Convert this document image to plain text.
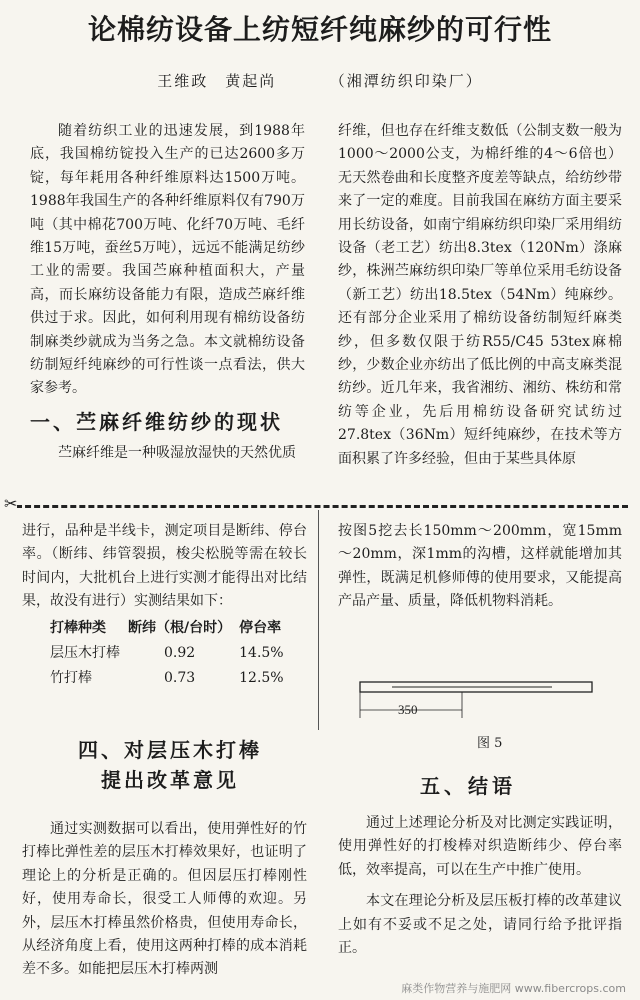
论棉纺设备上纺短纤纯麻纱的可行性
王维政　黄起尚	（湘潭纺织印染厂）

随着纺织工业的迅速发展，到1988年底，我国棉纺锭投入生产的已达2600多万锭，每年耗用各种纤维原料达1500万吨。1988年我国生产的各种纤维原料仅有790万吨（其中棉花700万吨、化纤70万吨、毛纤维15万吨，蚕丝5万吨），远远不能满足纺纱工业的需要。我国苎麻种植面积大，产量高，而长麻纺设备能力有限，造成苎麻纤维供过于求。因此，如何利用现有棉纺设备纺制麻类纱就成为当务之急。本文就棉纺设备纺制短纤纯麻纱的可行性谈一点看法，供大家参考。

一、苎麻纤维纺纱的现状

苎麻纤维是一种吸湿放湿快的天然优质

纤维，但也存在纤维支数低（公制支数一般为1000～2000公支，为棉纤维的4～6倍也）无天然卷曲和长度整齐度差等缺点，给纺纱带来了一定的难度。目前我国在麻纺方面主要采用长纺设备，如南宁绢麻纺织印染厂采用绢纺设备（老工艺）纺出8.3tex（120Nm）涤麻纱，株洲苎麻纺织印染厂等单位采用毛纺设备（新工艺）纺出18.5tex（54Nm）纯麻纱。还有部分企业采用了棉纺设备纺制短纤麻类纱，但多数仅限于纺R55/C45 53tex麻棉纱，少数企业亦纺出了低比例的中高支麻类混纺纱。近几年来，我省湘纺、湘纺、株纺和常纺等企业，先后用棉纺设备研究试纺过27.8tex（36Nm）短纤纯麻纱，在技术等方面积累了许多经验，但由于某些具体原

✂

进行，品种是半线卡，测定项目是断纬、停台率。（断纬、纬管裂损，梭尖松脱等需在较长时间内，大批机台上进行实测才能得出对比结果，故没有进行）实测结果如下：

打棒种类	断纬（根/台时）	停台率
层压木打棒	0.92	14.5%
竹打棒	0.73	12.5%
四、对层压木打棒
提出改革意见

通过实测数据可以看出，使用弹性好的竹打棒比弹性差的层压木打棒效果好，也证明了理论上的分析是正确的。但因层压打棒刚性好，使用寿命长，很受工人师傅的欢迎。另外，层压木打棒虽然价格贵，但使用寿命长，从经济角度上看，使用这两种打棒的成本消耗差不多。如能把层压木打棒两测

按图5挖去长150mm～200mm，宽15mm～20mm，深1mm的沟槽，这样就能增加其弹性，既满足机修师傅的使用要求，又能提高产品产量、质量，降低机物料消耗。

350
图 5
五、结语

通过上述理论分析及对比测定实践证明，使用弹性好的打梭棒对织造断纬少、停台率低，效率提高，可以在生产中推广使用。

本文在理论分析及层压板打棒的改革建议上如有不妥或不足之处，请同行给予批评指正。

麻类作物营养与施肥网 www.fibercrops.com
